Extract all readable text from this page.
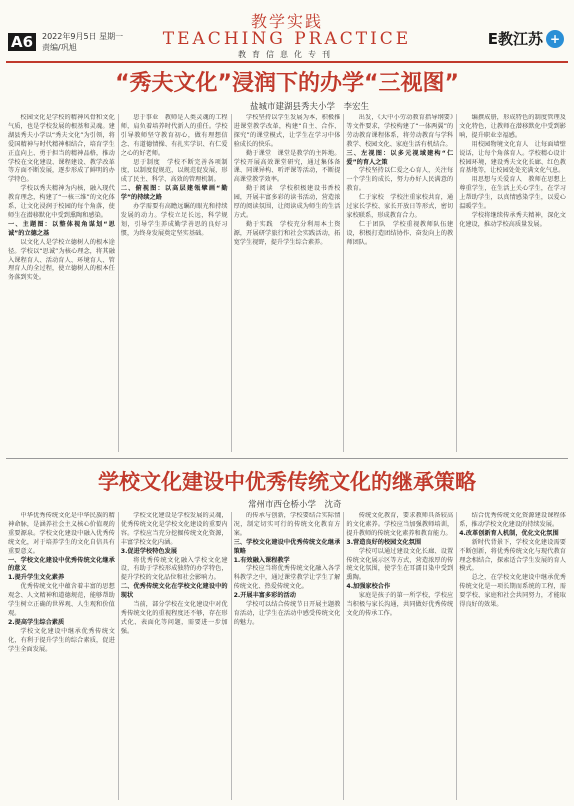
A6	2022年9月5日 星期一
责编/巩旭
教学实践
TEACHING PRACTICE
教育信息化专刊
E教江苏 +
“秀夫文化”浸润下的办学“三视图”
盐城市建湖县秀夫小学　李宏生

校园文化是学校的精神风骨和文化气质，也是学校发展的根基和灵魂。建湖县秀夫小学以“秀夫文化”为引领，将爱国精神与时代精神相结合，培育学生正直向上、勇于担当的精神品格，推动学校在文化建设、课程建设、教学改革等方面不断发展，逐步形成了鲜明的办学特色。

学校以秀夫精神为内核，融入现代教育理念，构建了“一核三维”的文化体系，让文化浸润于校园的每个角落，使师生在潜移默化中受到熏陶和感染。

一、主题图：以整体视角谋划“思诚”的立德之基

以文化人是学校立德树人的根本途径。学校以“思诚”为核心理念，将其融入课程育人、活动育人、环境育人、管理育人的全过程，使立德树人的根本任务落到实处。

思于事业　教师是人类灵魂的工程师，肩负着培养时代新人的重任。学校引导教师坚守教育初心，做有理想信念、有道德情操、有扎实学识、有仁爱之心的好老师。

思于制度　学校不断完善各项制度，以制度促规范，以规范促发展，形成了民主、科学、高效的管理机制。

二、俯视图：以高层建瓴擘画“勤学”的持续之路

办学需要有高瞻远瞩的眼光和持续发展的动力。学校立足长远，科学规划，引导学生养成勤学善思的良好习惯，为终身发展奠定坚实基础。

学校坚持以学生发展为本，积极推进课堂教学改革，构建“自主、合作、探究”的课堂模式，让学生在学习中体验成长的快乐。

勤于课堂　课堂是教学的主阵地。学校开展高效课堂研究，通过集体备课、同课异构、听评课等活动，不断提高课堂教学效率。

勤于阅读　学校积极建设书香校园，开展丰富多彩的读书活动，营造浓厚的阅读氛围，让阅读成为师生的生活方式。

勤于实践　学校充分利用本土资源，开展研学旅行和社会实践活动，拓宽学生视野，提升学生综合素养。

出发，《大中小劳动教育指导纲要》等文件要求，学校构建了“一体两翼”的劳动教育课程体系，将劳动教育与学科教学、校园文化、家庭生活有机结合。

三、左视图：以多元视域建构“仁爱”的育人之策

学校坚持以仁爱之心育人，关注每一个学生的成长，努力办好人民满意的教育。

仁于家校　学校注重家校共育，通过家长学校、家长开放日等形式，密切家校联系，形成教育合力。

仁于团队　学校重视教师队伍建设，积极打造团结协作、奋发向上的教师团队。

编撰成册，形成特色的制度管理及文化特色，让教师在潜移默化中受到影响，提升职业幸福感。

用校园物境文化育人　让每面墙壁说话，让每个角落育人。学校精心设计校园环境，建设秀夫文化长廊、红色教育基地等，让校园处处充满文化气息。

用思想与关爱育人　教师在思想上尊重学生，在生活上关心学生，在学习上帮助学生，以真情感染学生，以爱心温暖学生。

学校将继续传承秀夫精神，深化文化建设，推动学校高质量发展。

学校文化建设中优秀传统文化的继承策略
常州市西仓桥小学　沈奇

中华优秀传统文化是中华民族的精神命脉，是涵养社会主义核心价值观的重要源泉。学校文化建设中融入优秀传统文化，对于培养学生的文化自信具有重要意义。

一、学校文化建设中优秀传统文化继承的意义

1.提升学生文化素养

优秀传统文化中蕴含着丰富的思想观念、人文精神和道德规范，能够帮助学生树立正确的世界观、人生观和价值观。

2.提高学生综合素质

学校文化建设中继承优秀传统文化，有利于提升学生的综合素质，促进学生全面发展。

学校文化建设是学校发展的灵魂，优秀传统文化是学校文化建设的重要内容。学校应当充分挖掘传统文化资源，丰富学校文化内涵。

3.促进学校特色发展

将优秀传统文化融入学校文化建设，有助于学校形成独特的办学特色，提升学校的文化品位和社会影响力。

二、优秀传统文化在学校文化建设中的现状

当前，部分学校在文化建设中对优秀传统文化的重视程度还不够，存在形式化、表面化等问题，需要进一步加强。

的传承与创新，学校要结合实际情况，制定切实可行的传统文化教育方案。

三、学校文化建设中优秀传统文化继承策略

1.有效融入课程教学

学校应当将优秀传统文化融入各学科教学之中，通过课堂教学让学生了解传统文化、热爱传统文化。

2.开展丰富多彩的活动

学校可以结合传统节日开展主题教育活动，让学生在活动中感受传统文化的魅力。

传统文化教育，要求教师具备较高的文化素养。学校应当加强教师培训，提升教师的传统文化素养和教育能力。

3.营造良好的校园文化氛围

学校可以通过建设文化长廊、设置传统文化展示区等方式，营造浓厚的传统文化氛围，使学生在耳濡目染中受到熏陶。

4.加强家校合作

家庭是孩子的第一所学校，学校应当积极与家长沟通，共同做好优秀传统文化的传承工作。

结合优秀传统文化资源建设课程体系，推动学校文化建设的持续发展。

4.改革创新育人机制，优化文化氛围

新时代背景下，学校文化建设需要不断创新，将优秀传统文化与现代教育理念相结合，探索适合学生发展的育人模式。

总之，在学校文化建设中继承优秀传统文化是一项长期而系统的工程，需要学校、家庭和社会共同努力，才能取得良好的效果。
